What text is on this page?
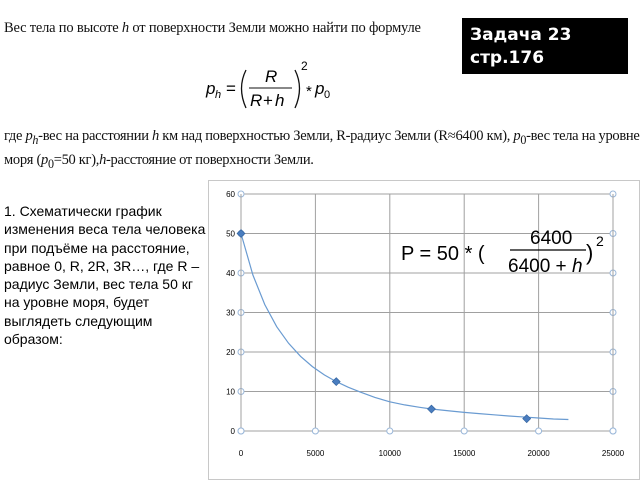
Вес тела по высоте h от поверхности Земли можно найти по формуле	Задача 23
стр.176
p h =
R
R + h
2
* p 0
где $p_h$-вес на расстоянии h км над поверхностью Земли, R-радиус Земли (R≈6400 км), $p_0$-вес тела на уровне моря ($p_0=50$ кг),h-расстояние от поверхности Земли.
1. Схематически график изменения веса тела человека при подъёме на расстояние, равное 0, R, 2R, 3R…, где R – радиус Земли, вес тела 50 кг на уровне моря, будет выглядеть следующим образом:
0
10
20
30
40
50
60
0	5000	10000	15000	20000	25000
P = 50 * (
6400
6400 + h
) 2
